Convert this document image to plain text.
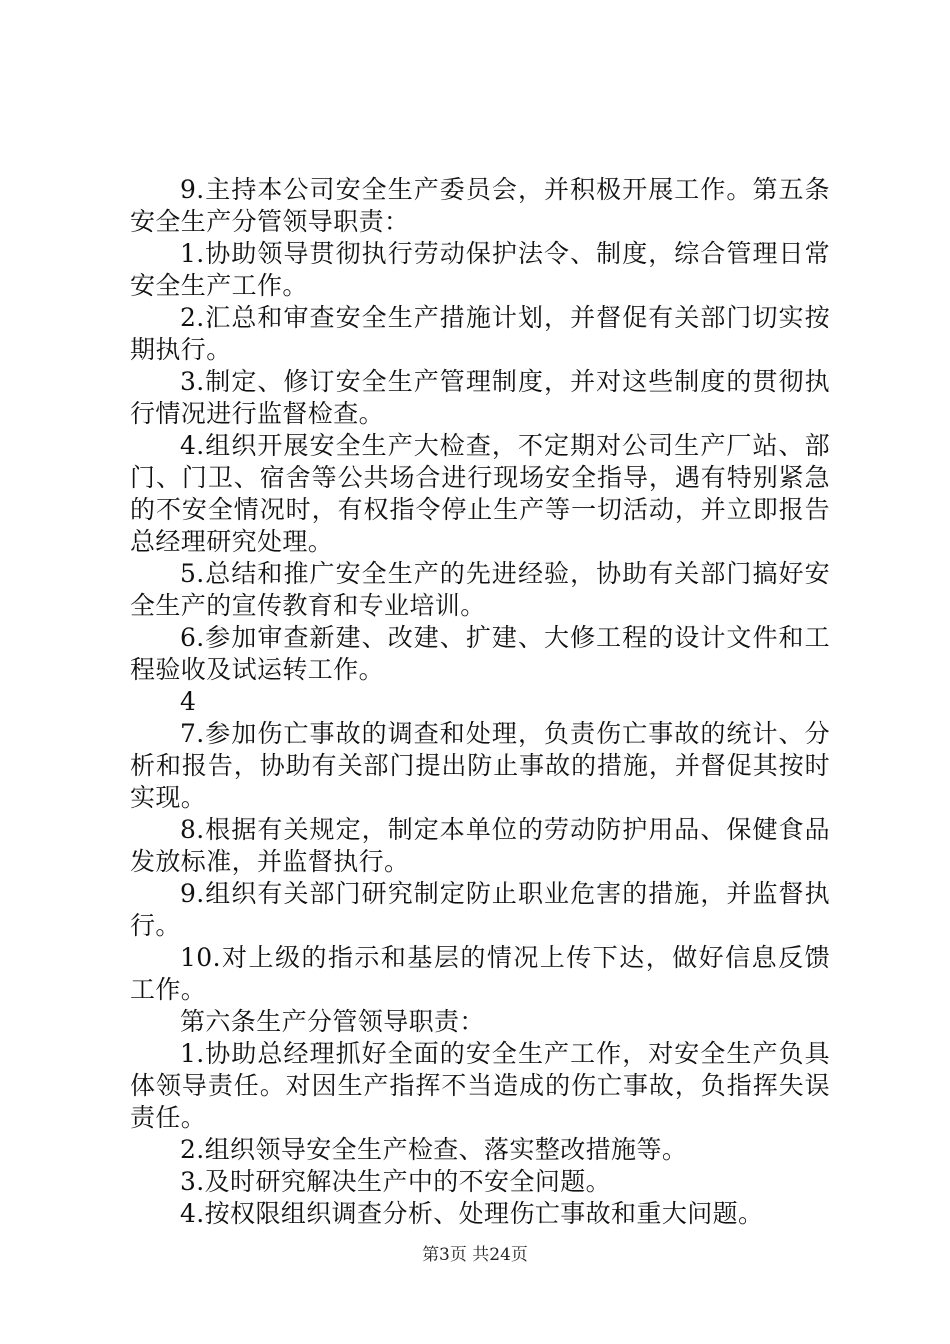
9.主持本公司安全生产委员会，并积极开展工作。第五条安全生产分管领导职责：

1.协助领导贯彻执行劳动保护法令、制度，综合管理日常安全生产工作。

2.汇总和审查安全生产措施计划，并督促有关部门切实按期执行。

3.制定、修订安全生产管理制度，并对这些制度的贯彻执行情况进行监督检查。

4.组织开展安全生产大检查，不定期对公司生产厂站、部门、门卫、宿舍等公共场合进行现场安全指导，遇有特别紧急的不安全情况时，有权指令停止生产等一切活动，并立即报告总经理研究处理。

5.总结和推广安全生产的先进经验，协助有关部门搞好安全生产的宣传教育和专业培训。

6.参加审查新建、改建、扩建、大修工程的设计文件和工程验收及试运转工作。

4

7.参加伤亡事故的调查和处理，负责伤亡事故的统计、分析和报告，协助有关部门提出防止事故的措施，并督促其按时实现。

8.根据有关规定，制定本单位的劳动防护用品、保健食品发放标准，并监督执行。

9.组织有关部门研究制定防止职业危害的措施，并监督执行。

10.对上级的指示和基层的情况上传下达，做好信息反馈工作。

第六条生产分管领导职责：

1.协助总经理抓好全面的安全生产工作，对安全生产负具体领导责任。对因生产指挥不当造成的伤亡事故，负指挥失误责任。

2.组织领导安全生产检查、落实整改措施等。

3.及时研究解决生产中的不安全问题。

4.按权限组织调查分析、处理伤亡事故和重大问题。

第3页 共24页
